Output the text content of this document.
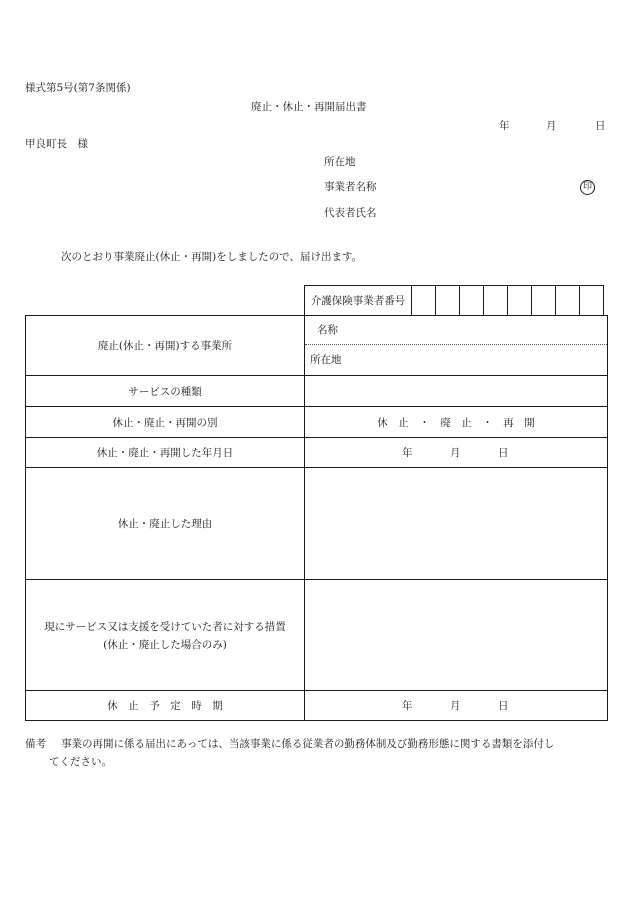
様式第5号(第7条関係)
廃止・休止・再開届出書
年	月	日
甲良町長　様
所在地
事業者名称	印
代表者氏名
次のとおり事業廃止(休止・再開)をしましたので、届け出ます。
介護保険事業者番号								
廃止(休止・再開)する事業所	名称
所在地

サービスの種類	
休止・廃止・再開の別	休　止　・　廃　止　・　再　開
休止・廃止・再開した年月日	年 月 日
休止・廃止した理由	

現にサービス又は支援を受けていた者に対する措置
(休止・廃止した場合のみ)	

休　止　予　定　時　期	年 月 日
備考 事業の再開に係る届出にあっては、当該事業に係る従業者の勤務体制及び勤務形態に関する書類を添付し
てください。
